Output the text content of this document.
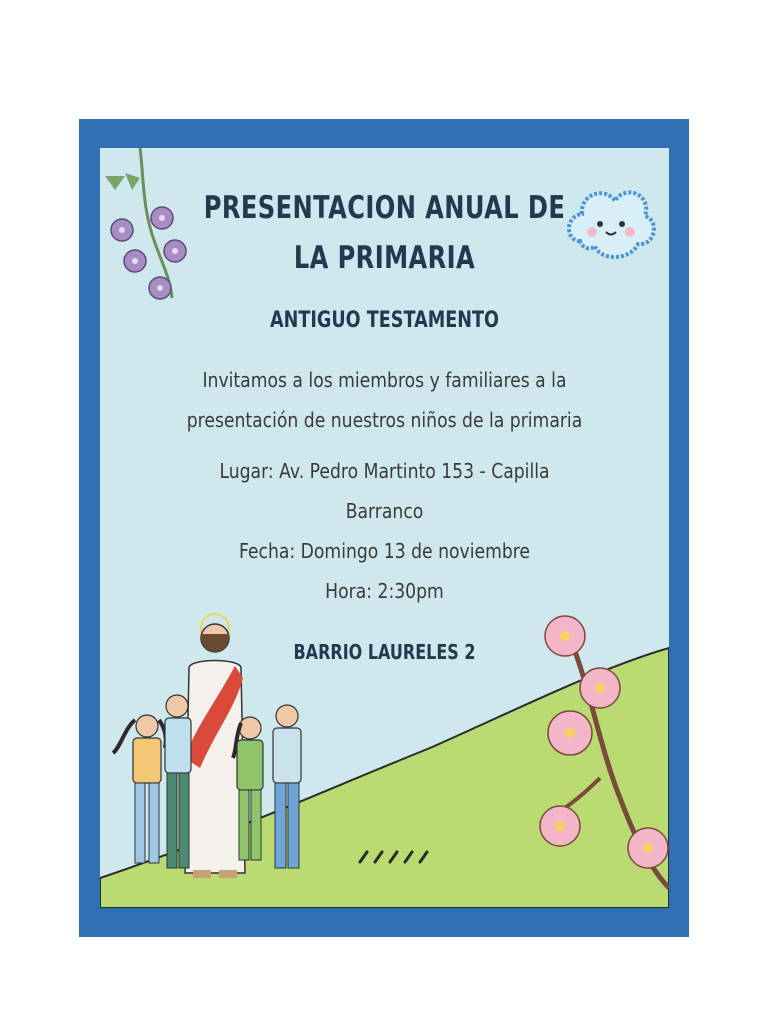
PRESENTACION ANUAL DE
LA PRIMARIA
ANTIGUO TESTAMENTO
Invitamos a los miembros y familiares a la
presentación de nuestros niños de la primaria
Lugar: Av. Pedro Martinto 153 - Capilla
Barranco
Fecha: Domingo 13 de noviembre
Hora: 2:30pm
BARRIO LAURELES 2
